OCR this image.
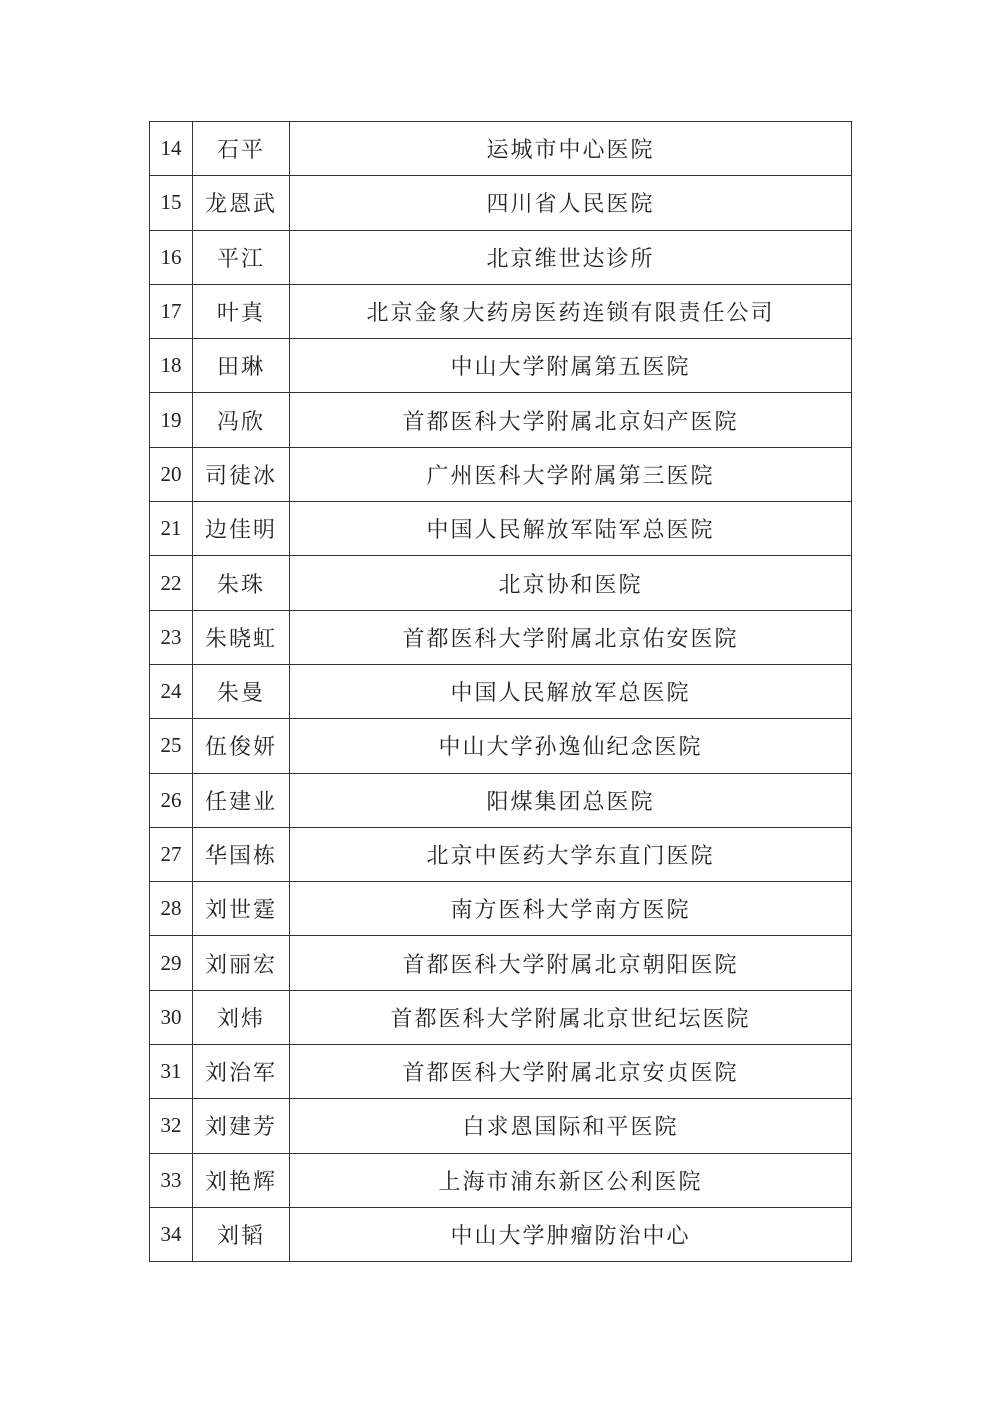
14	石平	运城市中心医院
15	龙恩武	四川省人民医院
16	平江	北京维世达诊所
17	叶真	北京金象大药房医药连锁有限责任公司
18	田琳	中山大学附属第五医院
19	冯欣	首都医科大学附属北京妇产医院
20	司徒冰	广州医科大学附属第三医院
21	边佳明	中国人民解放军陆军总医院
22	朱珠	北京协和医院
23	朱晓虹	首都医科大学附属北京佑安医院
24	朱曼	中国人民解放军总医院
25	伍俊妍	中山大学孙逸仙纪念医院
26	任建业	阳煤集团总医院
27	华国栋	北京中医药大学东直门医院
28	刘世霆	南方医科大学南方医院
29	刘丽宏	首都医科大学附属北京朝阳医院
30	刘炜	首都医科大学附属北京世纪坛医院
31	刘治军	首都医科大学附属北京安贞医院
32	刘建芳	白求恩国际和平医院
33	刘艳辉	上海市浦东新区公利医院
34	刘韬	中山大学肿瘤防治中心
